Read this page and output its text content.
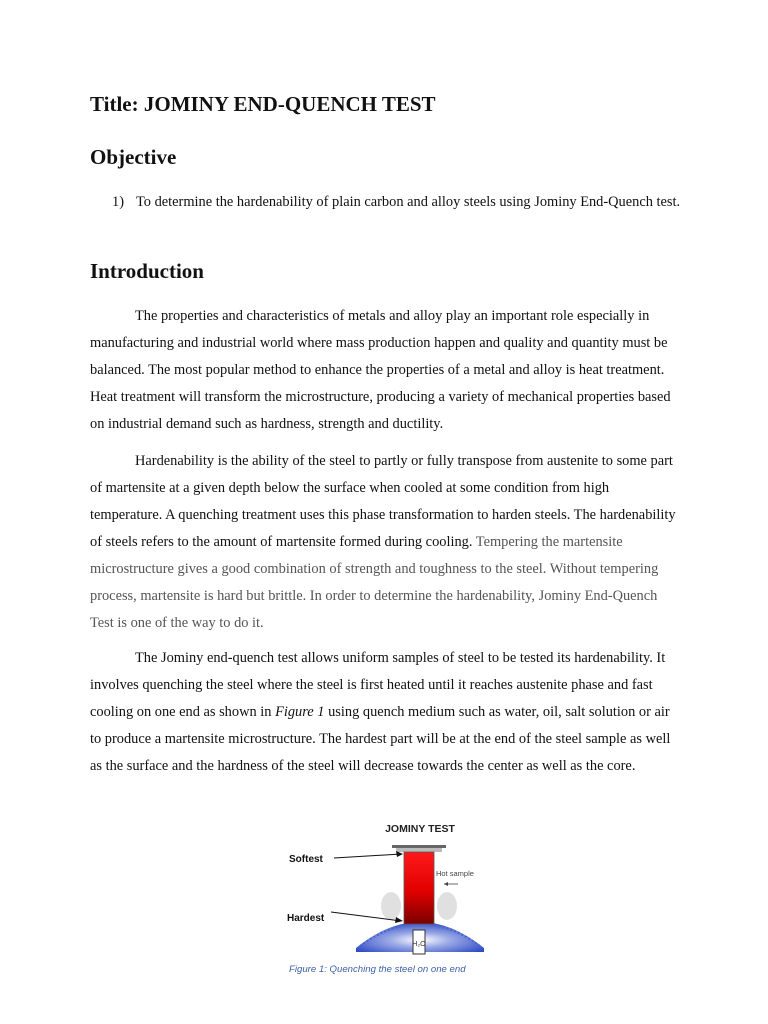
Title: JOMINY END-QUENCH TEST
Objective
1) To determine the hardenability of plain carbon and alloy steels using Jominy End-Quench test.
Introduction

The properties and characteristics of metals and alloy play an important role especially in manufacturing and industrial world where mass production happen and quality and quantity must be balanced. The most popular method to enhance the properties of a metal and alloy is heat treatment. Heat treatment will transform the microstructure, producing a variety of mechanical properties based on industrial demand such as hardness, strength and ductility.

Hardenability is the ability of the steel to partly or fully transpose from austenite to some part of martensite at a given depth below the surface when cooled at some condition from high temperature. A quenching treatment uses this phase transformation to harden steels. The hardenability of steels refers to the amount of martensite formed during cooling. Tempering the martensite microstructure gives a good combination of strength and toughness to the steel. Without tempering process, martensite is hard but brittle. In order to determine the hardenability, Jominy End-Quench Test is one of the way to do it.

The Jominy end-quench test allows uniform samples of steel to be tested its hardenability. It involves quenching the steel where the steel is first heated until it reaches austenite phase and fast cooling on one end as shown in Figure 1 using quench medium such as water, oil, salt solution or air to produce a martensite microstructure. The hardest part will be at the end of the steel sample as well as the surface and the hardness of the steel will decrease towards the center as well as the core.

JOMINY TEST
H₂O
Hot sample
Softest
Hardest

Figure 1: Quenching the steel on one end
